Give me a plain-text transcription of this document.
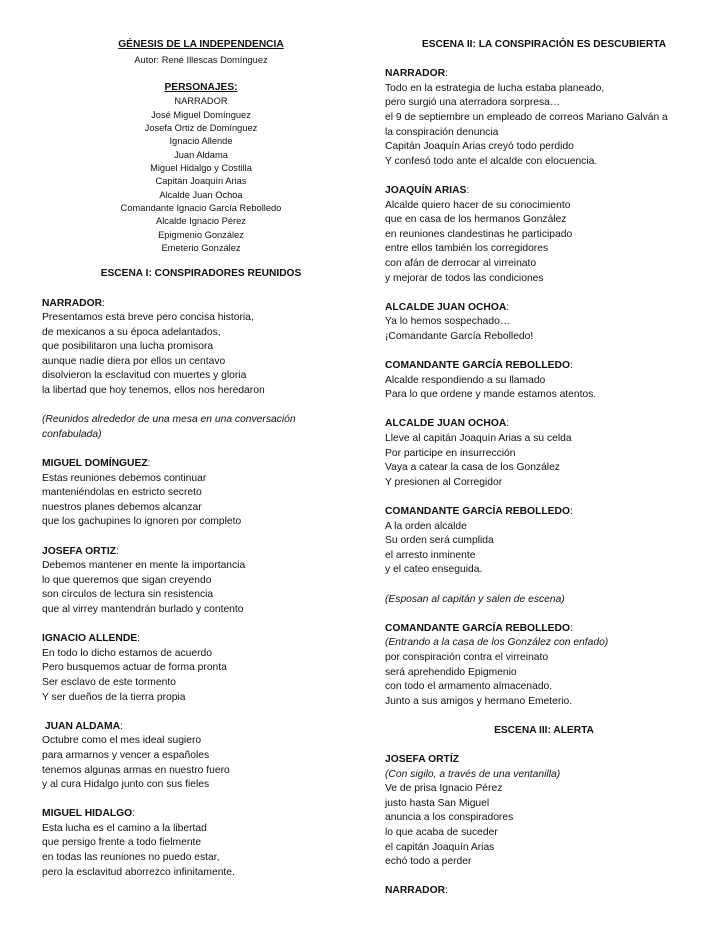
GÉNESIS DE LA INDEPENDENCIA
Autor: René Illescas Domínguez
PERSONAJES:
NARRADOR
José Miguel Domínguez
Josefa Ortiz de Domínguez
Ignacio Allende
Juan Aldama
Miguel Hidalgo y Costilla
Capitán Joaquín Arias
Alcalde Juan Ochoa
Comandante Ignacio García Rebolledo
Alcalde Ignacio Pérez
Epigmenio González
Emeterio González
ESCENA I: CONSPIRADORES REUNIDOS
NARRADOR:
Presentamos esta breve pero concisa historia,
de mexicanos a su época adelantados,
que posibilitaron una lucha promisora
aunque nadie diera por ellos un centavo
disolvieron la esclavitud con muertes y gloria
la libertad que hoy tenemos, ellos nos heredaron
(Reunidos alrededor de una mesa en una conversación
confabulada)
MIGUEL DOMÍNGUEZ:
Estas reuniones debemos continuar
manteniéndolas en estricto secreto
nuestros planes debemos alcanzar
que los gachupines lo ignoren por completo
JOSEFA ORTIZ:
Debemos mantener en mente la importancia
lo que queremos que sigan creyendo
son círculos de lectura sin resistencia
que al virrey mantendrán burlado y contento
IGNACIO ALLENDE:
En todo lo dicho estamos de acuerdo
Pero busquemos actuar de forma pronta
Ser esclavo de este tormento
Y ser dueños de la tierra propia
JUAN ALDAMA:
Octubre como el mes ideal sugiero
para armarnos y vencer a españoles
tenemos algunas armas en nuestro fuero
y al cura Hidalgo junto con sus fieles
MIGUEL HIDALGO:
Esta lucha es el camino a la libertad
que persigo frente a todo fielmente
en todas las reuniones no puedo estar,
pero la esclavitud aborrezco infinitamente.
ESCENA II: LA CONSPIRACIÓN ES DESCUBIERTA
NARRADOR:
Todo en la estrategia de lucha estaba planeado,
pero surgió una aterradora sorpresa…
el 9 de septiembre un empleado de correos Mariano Galván a
la conspiración denuncia
Capitán Joaquín Arias creyó todo perdido
Y confesó todo ante el alcalde con elocuencia.
JOAQUÍN ARIAS:
Alcalde quiero hacer de su conocimiento
que en casa de los hermanos González
en reuniones clandestinas he participado
entre ellos también los corregidores
con afán de derrocar al virreinato
y mejorar de todos las condiciones
ALCALDE JUAN OCHOA:
Ya lo hemos sospechado…
¡Comandante García Rebolledo!
COMANDANTE GARCÍA REBOLLEDO:
Alcalde respondiendo a su llamado
Para lo que ordene y mande estamos atentos.
ALCALDE JUAN OCHOA:
Lleve al capitán Joaquín Arias a su celda
Por participe en insurrección
Vaya a catear la casa de los González
Y presionen al Corregidor
COMANDANTE GARCÍA REBOLLEDO:
A la orden alcalde
Su orden será cumplida
el arresto inminente
y el cateo enseguida.
(Esposan al capitán y salen de escena)
COMANDANTE GARCÍA REBOLLEDO:
(Entrando a la casa de los González con enfado)
por conspiración contra el virreinato
será aprehendido Epigmenio
con todo el armamento almacenado.
Junto a sus amigos y hermano Emeterio.
ESCENA III: ALERTA
JOSEFA ORTÍZ
(Con sigilo, a través de una ventanilla)
Ve de prisa Ignacio Pérez
justo hasta San Miguel
anuncia a los conspiradores
lo que acaba de suceder
el capitán Joaquín Arias
echó todo a perder
NARRADOR:
